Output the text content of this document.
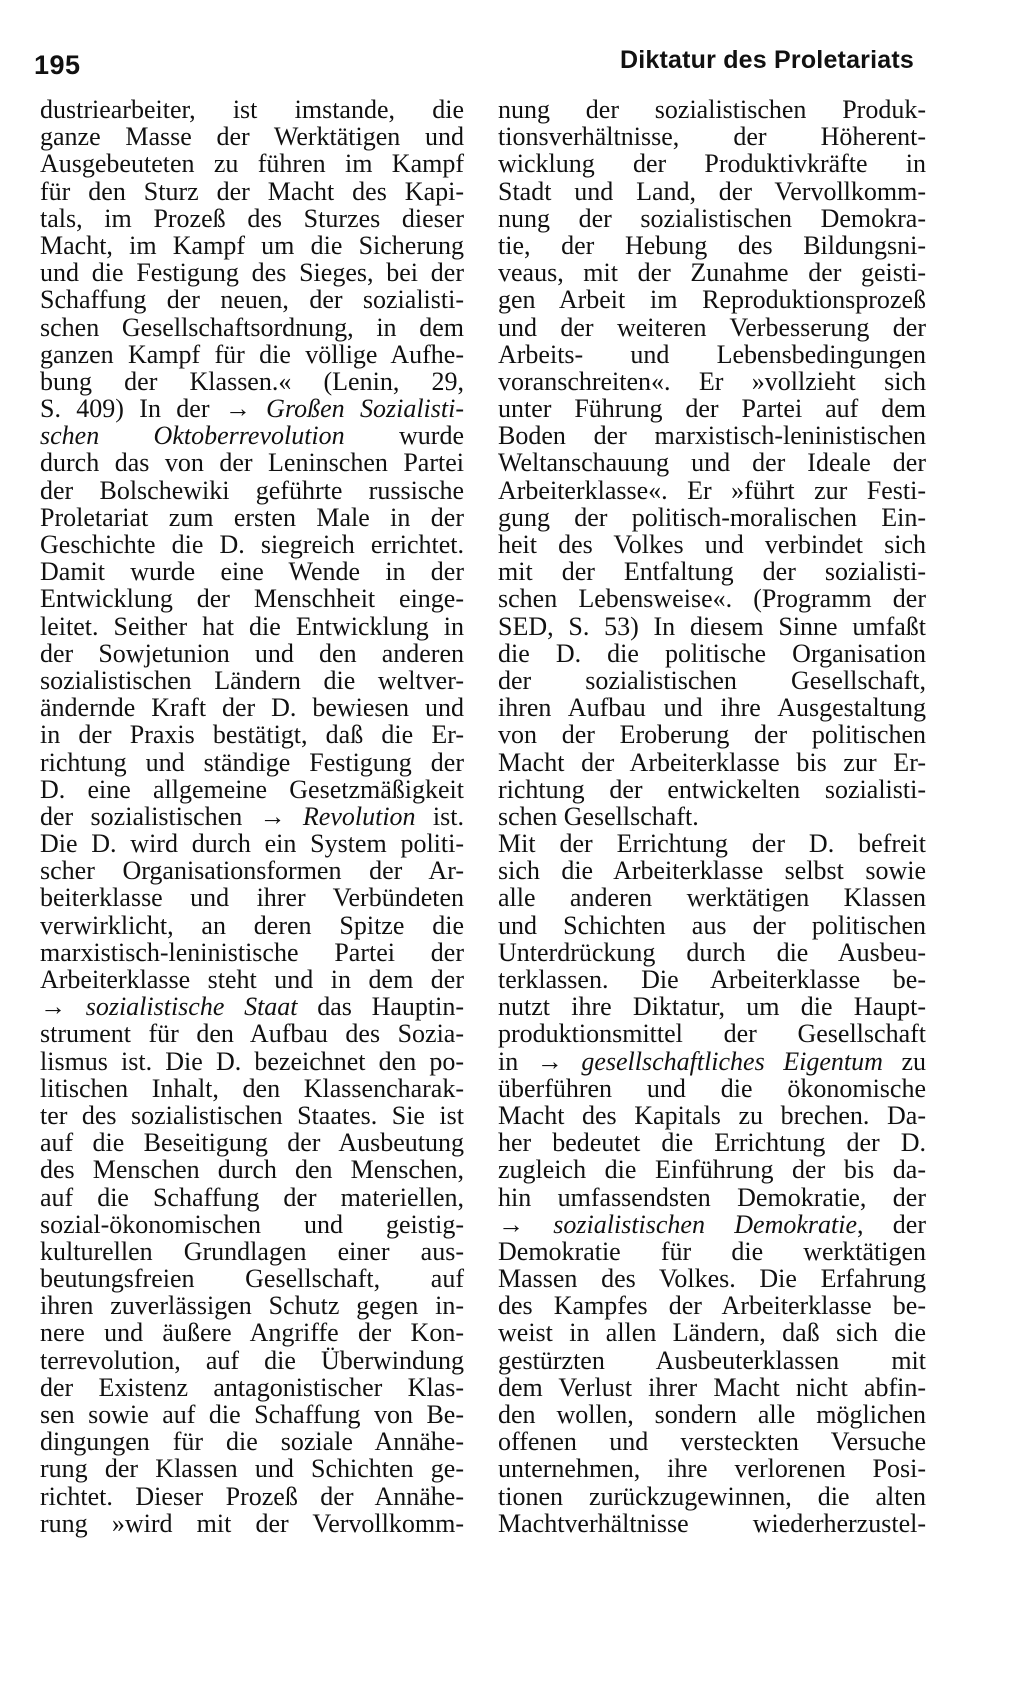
195	Diktatur des Proletariats
dustriearbeiter, ist imstande, die
ganze Masse der Werktätigen und
Ausgebeuteten zu führen im Kampf
für den Sturz der Macht des Kapi-
tals, im Prozeß des Sturzes dieser
Macht, im Kampf um die Sicherung
und die Festigung des Sieges, bei der
Schaffung der neuen, der sozialisti-
schen Gesellschaftsordnung, in dem
ganzen Kampf für die völlige Aufhe-
bung der Klassen.« (Lenin, 29,
S. 409) In der → Großen Sozialisti-
schen Oktoberrevolution wurde
durch das von der Leninschen Partei
der Bolschewiki geführte russische
Proletariat zum ersten Male in der
Geschichte die D. siegreich errichtet.
Damit wurde eine Wende in der
Entwicklung der Menschheit einge-
leitet. Seither hat die Entwicklung in
der Sowjetunion und den anderen
sozialistischen Ländern die weltver-
ändernde Kraft der D. bewiesen und
in der Praxis bestätigt, daß die Er-
richtung und ständige Festigung der
D. eine allgemeine Gesetzmäßigkeit
der sozialistischen → Revolution ist.
Die D. wird durch ein System politi-
scher Organisationsformen der Ar-
beiterklasse und ihrer Verbündeten
verwirklicht, an deren Spitze die
marxistisch-leninistische Partei der
Arbeiterklasse steht und in dem der
→ sozialistische Staat das Hauptin-
strument für den Aufbau des Sozia-
lismus ist. Die D. bezeichnet den po-
litischen Inhalt, den Klassencharak-
ter des sozialistischen Staates. Sie ist
auf die Beseitigung der Ausbeutung
des Menschen durch den Menschen,
auf die Schaffung der materiellen,
sozial-ökonomischen und geistig-
kulturellen Grundlagen einer aus-
beutungsfreien Gesellschaft, auf
ihren zuverlässigen Schutz gegen in-
nere und äußere Angriffe der Kon-
terrevolution, auf die Überwindung
der Existenz antagonistischer Klas-
sen sowie auf die Schaffung von Be-
dingungen für die soziale Annähe-
rung der Klassen und Schichten ge-
richtet. Dieser Prozeß der Annähe-
rung »wird mit der Vervollkomm-
nung der sozialistischen Produk-
tionsverhältnisse, der Höherent-
wicklung der Produktivkräfte in
Stadt und Land, der Vervollkomm-
nung der sozialistischen Demokra-
tie, der Hebung des Bildungsni-
veaus, mit der Zunahme der geisti-
gen Arbeit im Reproduktionsprozeß
und der weiteren Verbesserung der
Arbeits- und Lebensbedingungen
voranschreiten«. Er »vollzieht sich
unter Führung der Partei auf dem
Boden der marxistisch-leninistischen
Weltanschauung und der Ideale der
Arbeiterklasse«. Er »führt zur Festi-
gung der politisch-moralischen Ein-
heit des Volkes und verbindet sich
mit der Entfaltung der sozialisti-
schen Lebensweise«. (Programm der
SED, S. 53) In diesem Sinne umfaßt
die D. die politische Organisation
der sozialistischen Gesellschaft,
ihren Aufbau und ihre Ausgestaltung
von der Eroberung der politischen
Macht der Arbeiterklasse bis zur Er-
richtung der entwickelten sozialisti-
schen Gesellschaft.
Mit der Errichtung der D. befreit
sich die Arbeiterklasse selbst sowie
alle anderen werktätigen Klassen
und Schichten aus der politischen
Unterdrückung durch die Ausbeu-
terklassen. Die Arbeiterklasse be-
nutzt ihre Diktatur, um die Haupt-
produktionsmittel der Gesellschaft
in → gesellschaftliches Eigentum zu
überführen und die ökonomische
Macht des Kapitals zu brechen. Da-
her bedeutet die Errichtung der D.
zugleich die Einführung der bis da-
hin umfassendsten Demokratie, der
→ sozialistischen Demokratie, der
Demokratie für die werktätigen
Massen des Volkes. Die Erfahrung
des Kampfes der Arbeiterklasse be-
weist in allen Ländern, daß sich die
gestürzten Ausbeuterklassen mit
dem Verlust ihrer Macht nicht abfin-
den wollen, sondern alle möglichen
offenen und versteckten Versuche
unternehmen, ihre verlorenen Posi-
tionen zurückzugewinnen, die alten
Machtverhältnisse wiederherzustel-
